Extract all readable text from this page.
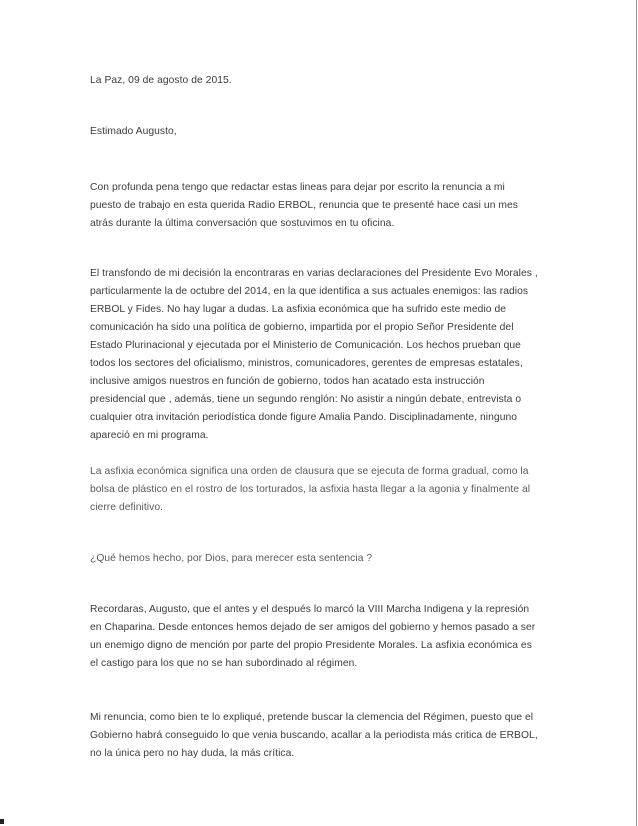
La Paz, 09 de agosto de 2015.
Estimado Augusto,
Con profunda pena tengo que redactar estas lineas para dejar por escrito la renuncia a mi
puesto de trabajo en esta querida Radio ERBOL, renuncia que te presenté hace casi un mes
atrás durante la última conversación que sostuvimos en tu oficina.
El transfondo de mi decisión la encontraras en varias declaraciones del Presidente Evo Morales ,
particularmente la de octubre del 2014, en la que identifica a sus actuales enemigos: las radios
ERBOL y Fides. No hay lugar a dudas. La asfixia económica que ha sufrido este medio de
comunicación ha sido una política de gobierno, impartida por el propio Señor Presidente del
Estado Plurinacional y ejecutada por el Ministerio de Comunicación. Los hechos prueban que
todos los sectores del oficialismo, ministros, comunicadores, gerentes de empresas estatales,
inclusive amigos nuestros en función de gobierno, todos han acatado esta instrucción
presidencial que , además, tiene un segundo renglón: No asistir a ningún debate, entrevista o
cualquier otra invitación periodística donde figure Amalia Pando. Disciplinadamente, ninguno
apareció en mi programa.
La asfixia económica significa una orden de clausura que se ejecuta de forma gradual, como la
bolsa de plástico en el rostro de los torturados, la asfixia hasta llegar a la agonia y finalmente al
cierre definitivo.
¿Qué hemos hecho, por Dios, para merecer esta sentencia ?
Recordaras, Augusto, que el antes y el después lo marcó la VIII Marcha Indigena y la represión
en Chaparina. Desde entonces hemos dejado de ser amigos del gobierno y hemos pasado a ser
un enemigo digno de mención por parte del propio Presidente Morales. La asfixia económica es
el castigo para los que no se han subordinado al régimen.
Mi renuncia, como bien te lo expliqué, pretende buscar la clemencia del Régimen, puesto que el
Gobierno habrá conseguido lo que venia buscando, acallar a la periodista más critica de ERBOL,
no la única pero no hay duda, la más crítica.
